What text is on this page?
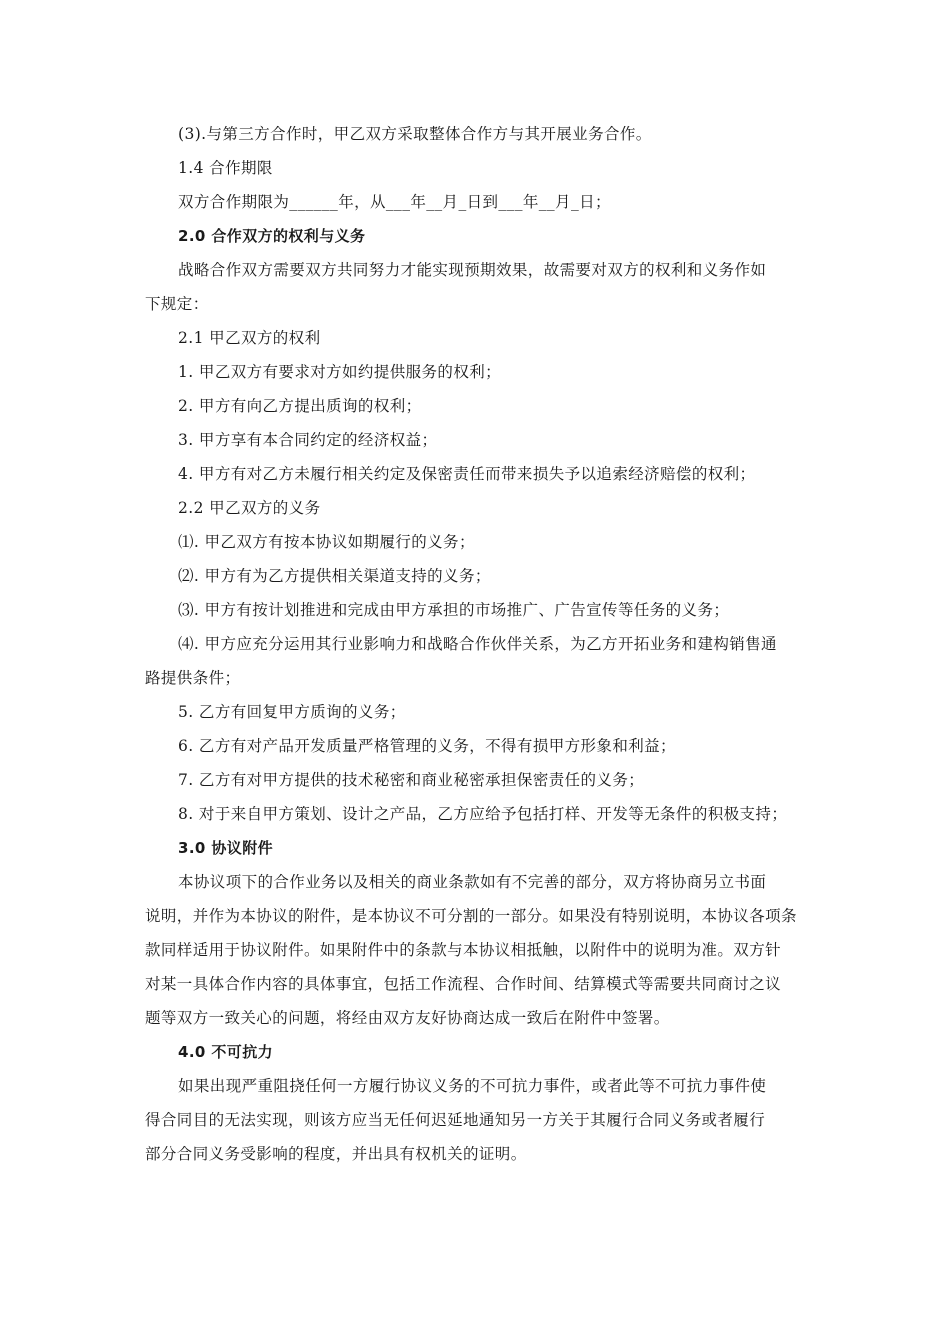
(3).与第三方合作时，甲乙双方采取整体合作方与其开展业务合作。
1.4 合作期限
双方合作期限为______年，从___年__月_日到___年__月_日；
2.0 合作双方的权利与义务
战略合作双方需要双方共同努力才能实现预期效果，故需要对双方的权利和义务作如
下规定：
2.1 甲乙双方的权利
1. 甲乙双方有要求对方如约提供服务的权利；
2. 甲方有向乙方提出质询的权利；
3. 甲方享有本合同约定的经济权益；
4. 甲方有对乙方未履行相关约定及保密责任而带来损失予以追索经济赔偿的权利；
2.2 甲乙双方的义务
⑴. 甲乙双方有按本协议如期履行的义务；
⑵. 甲方有为乙方提供相关渠道支持的义务；
⑶. 甲方有按计划推进和完成由甲方承担的市场推广、广告宣传等任务的义务；
⑷. 甲方应充分运用其行业影响力和战略合作伙伴关系，为乙方开拓业务和建构销售通
路提供条件；
5. 乙方有回复甲方质询的义务；
6. 乙方有对产品开发质量严格管理的义务，不得有损甲方形象和利益；
7. 乙方有对甲方提供的技术秘密和商业秘密承担保密责任的义务；
8. 对于来自甲方策划、设计之产品，乙方应给予包括打样、开发等无条件的积极支持；
3.0 协议附件
本协议项下的合作业务以及相关的商业条款如有不完善的部分，双方将协商另立书面
说明，并作为本协议的附件，是本协议不可分割的一部分。如果没有特别说明，本协议各项条
款同样适用于协议附件。如果附件中的条款与本协议相抵触，以附件中的说明为准。双方针
对某一具体合作内容的具体事宜，包括工作流程、合作时间、结算模式等需要共同商讨之议
题等双方一致关心的问题，将经由双方友好协商达成一致后在附件中签署。
4.0 不可抗力
如果出现严重阻挠任何一方履行协议义务的不可抗力事件，或者此等不可抗力事件使
得合同目的无法实现，则该方应当无任何迟延地通知另一方关于其履行合同义务或者履行
部分合同义务受影响的程度，并出具有权机关的证明。
